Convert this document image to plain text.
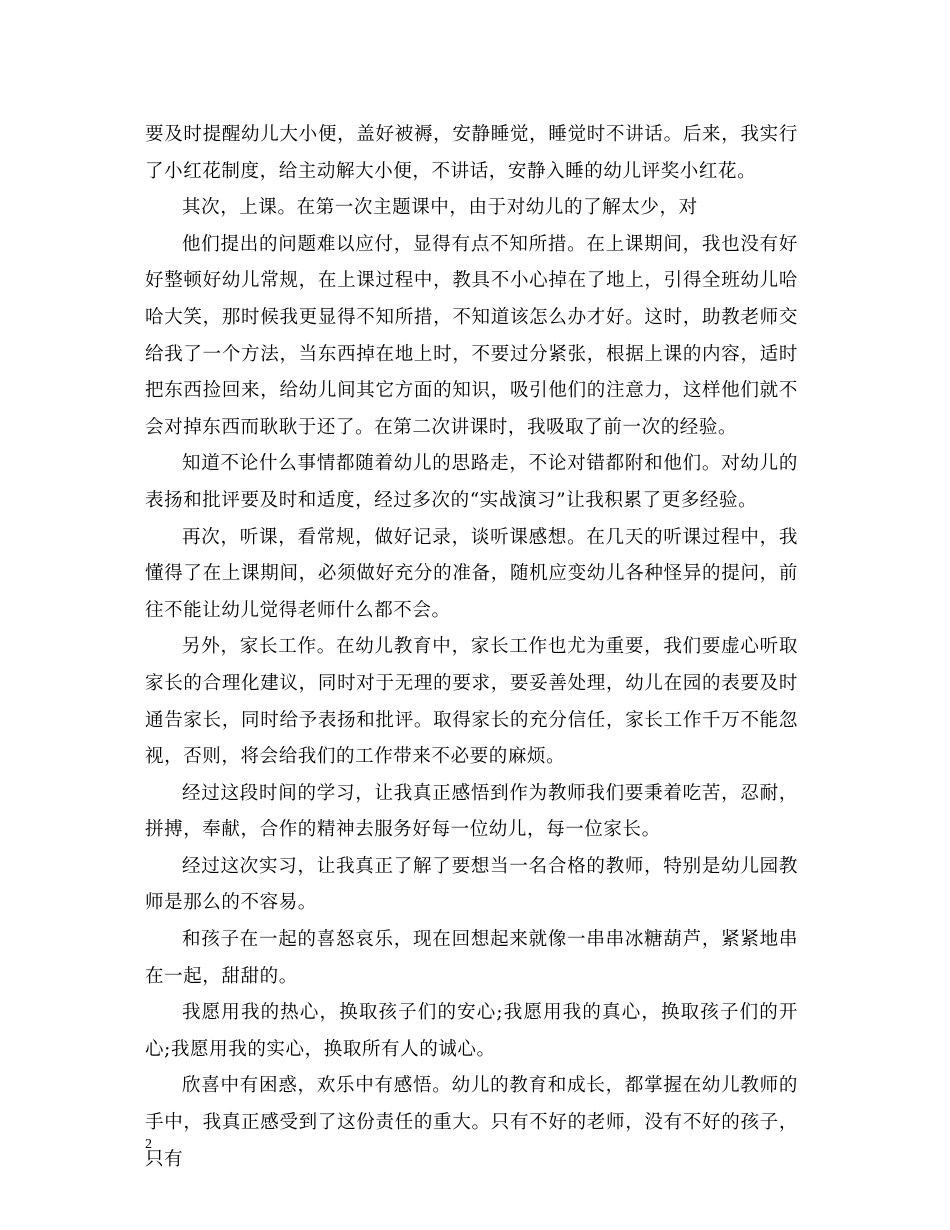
要及时提醒幼儿大小便，盖好被褥，安静睡觉，睡觉时不讲话。后来，我实行了小红花制度，给主动解大小便，不讲话，安静入睡的幼儿评奖小红花。

其次，上课。在第一次主题课中，由于对幼儿的了解太少，对

他们提出的问题难以应付，显得有点不知所措。在上课期间，我也没有好好整顿好幼儿常规，在上课过程中，教具不小心掉在了地上，引得全班幼儿哈哈大笑，那时候我更显得不知所措，不知道该怎么办才好。这时，助教老师交给我了一个方法，当东西掉在地上时，不要过分紧张，根据上课的内容，适时把东西捡回来，给幼儿间其它方面的知识，吸引他们的注意力，这样他们就不会对掉东西而耿耿于还了。在第二次讲课时，我吸取了前一次的经验。

知道不论什么事情都随着幼儿的思路走，不论对错都附和他们。对幼儿的表扬和批评要及时和适度，经过多次的“实战演习”让我积累了更多经验。

再次，听课，看常规，做好记录，谈听课感想。在几天的听课过程中，我懂得了在上课期间，必须做好充分的准备，随机应变幼儿各种怪异的提问，前往不能让幼儿觉得老师什么都不会。

另外，家长工作。在幼儿教育中，家长工作也尤为重要，我们要虚心听取家长的合理化建议，同时对于无理的要求，要妥善处理，幼儿在园的表要及时通告家长，同时给予表扬和批评。取得家长的充分信任，家长工作千万不能忽视，否则，将会给我们的工作带来不必要的麻烦。

经过这段时间的学习，让我真正感悟到作为教师我们要秉着吃苦，忍耐，拼搏，奉献，合作的精神去服务好每一位幼儿，每一位家长。

经过这次实习，让我真正了解了要想当一名合格的教师，特别是幼儿园教师是那么的不容易。

和孩子在一起的喜怒哀乐，现在回想起来就像一串串冰糖葫芦，紧紧地串在一起，甜甜的。

我愿用我的热心，换取孩子们的安心;我愿用我的真心，换取孩子们的开心;我愿用我的实心，换取所有人的诚心。

欣喜中有困惑，欢乐中有感悟。幼儿的教育和成长，都掌握在幼儿教师的手中，我真正感受到了这份责任的重大。只有不好的老师，没有不好的孩子，只有

2
